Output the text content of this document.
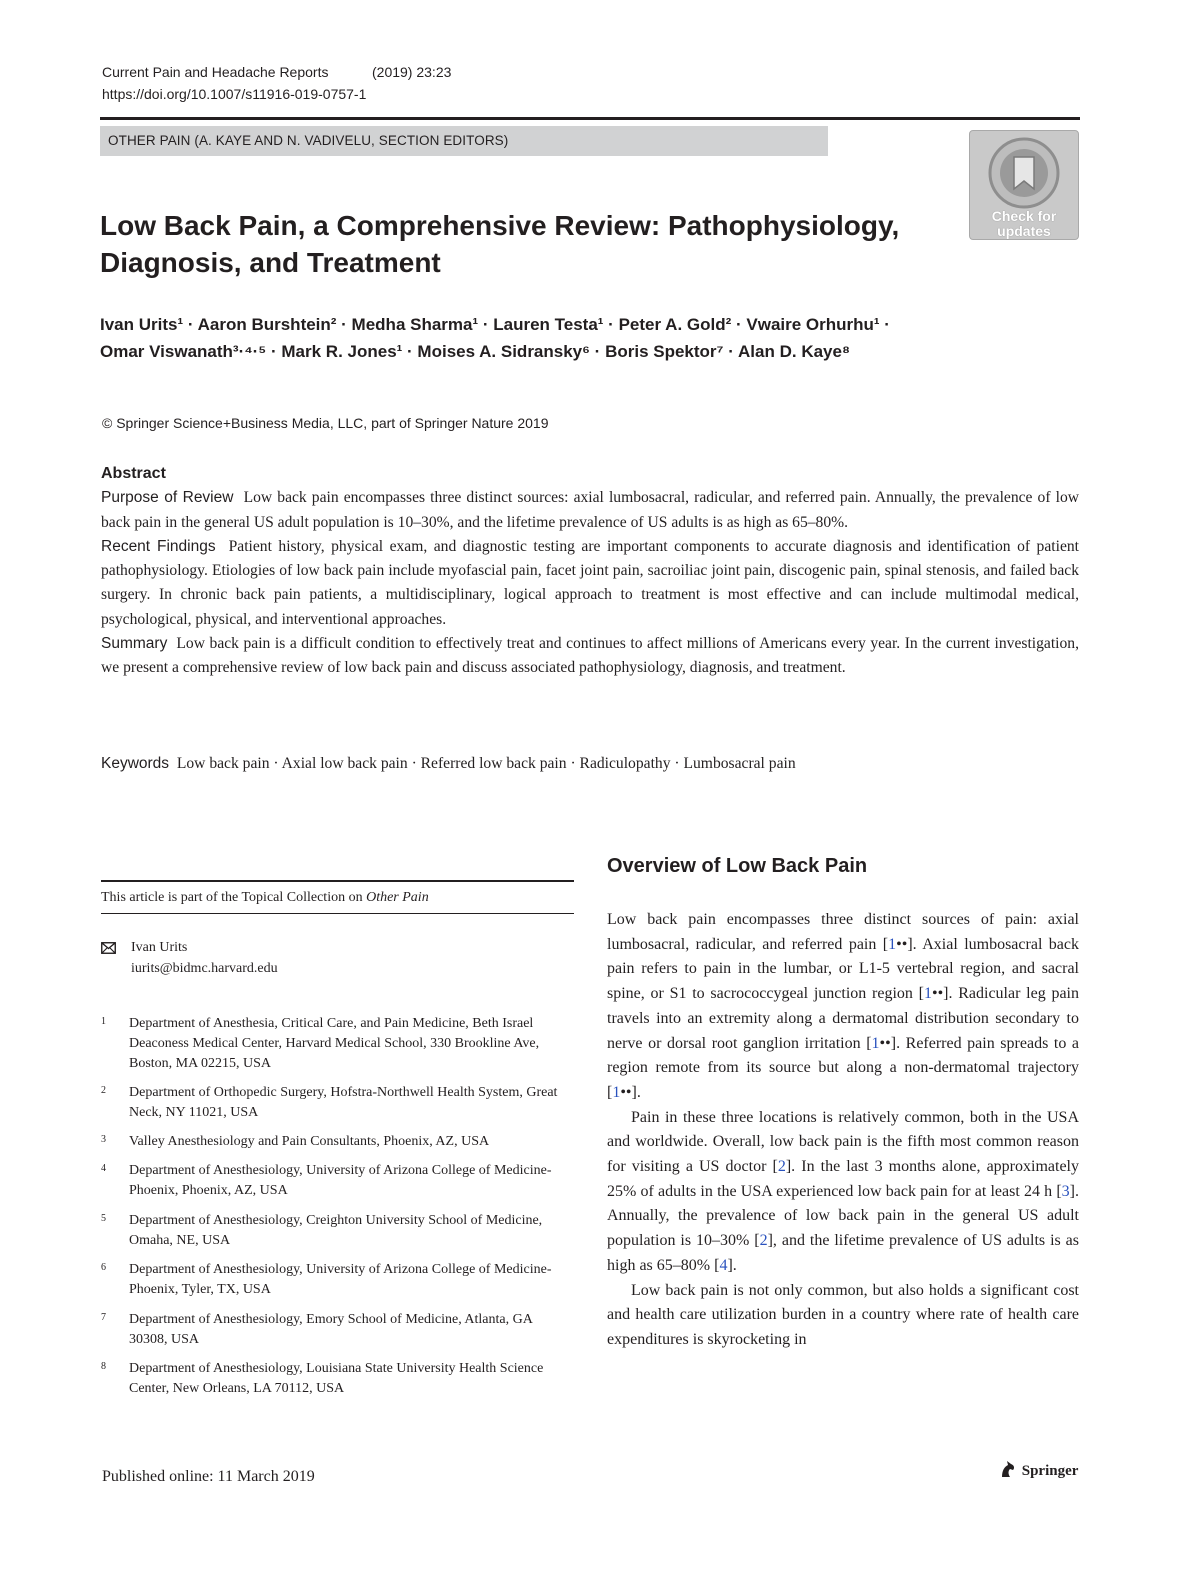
Current Pain and Headache Reports	(2019) 23:23
https://doi.org/10.1007/s11916-019-0757-1
OTHER PAIN (A. KAYE AND N. VADIVELU, SECTION EDITORS)
Check for
updates
Low Back Pain, a Comprehensive Review: Pathophysiology,
Diagnosis, and Treatment
Ivan Urits¹ · Aaron Burshtein² · Medha Sharma¹ · Lauren Testa¹ · Peter A. Gold² · Vwaire Orhurhu¹ ·
Omar Viswanath³·⁴·⁵ · Mark R. Jones¹ · Moises A. Sidransky⁶ · Boris Spektor⁷ · Alan D. Kaye⁸
© Springer Science+Business Media, LLC, part of Springer Nature 2019
Abstract

Purpose of Review Low back pain encompasses three distinct sources: axial lumbosacral, radicular, and referred pain. Annually, the prevalence of low back pain in the general US adult population is 10–30%, and the lifetime prevalence of US adults is as high as 65–80%.

Recent Findings Patient history, physical exam, and diagnostic testing are important components to accurate diagnosis and identification of patient pathophysiology. Etiologies of low back pain include myofascial pain, facet joint pain, sacroiliac joint pain, discogenic pain, spinal stenosis, and failed back surgery. In chronic back pain patients, a multidisciplinary, logical approach to treatment is most effective and can include multimodal medical, psychological, physical, and interventional approaches.

Summary Low back pain is a difficult condition to effectively treat and continues to affect millions of Americans every year. In the current investigation, we present a comprehensive review of low back pain and discuss associated pathophysiology, diagnosis, and treatment.

Keywords Low back pain · Axial low back pain · Referred low back pain · Radiculopathy · Lumbosacral pain
This article is part of the Topical Collection on Other Pain
Ivan Urits
iurits@bidmc.harvard.edu
1 Department of Anesthesia, Critical Care, and Pain Medicine, Beth Israel Deaconess Medical Center, Harvard Medical School, 330 Brookline Ave, Boston, MA 02215, USA
2 Department of Orthopedic Surgery, Hofstra-Northwell Health System, Great Neck, NY 11021, USA
3 Valley Anesthesiology and Pain Consultants, Phoenix, AZ, USA
4 Department of Anesthesiology, University of Arizona College of Medicine-Phoenix, Phoenix, AZ, USA
5 Department of Anesthesiology, Creighton University School of Medicine, Omaha, NE, USA
6 Department of Anesthesiology, University of Arizona College of Medicine-Phoenix, Tyler, TX, USA
7 Department of Anesthesiology, Emory School of Medicine, Atlanta, GA 30308, USA
8 Department of Anesthesiology, Louisiana State University Health Science Center, New Orleans, LA 70112, USA
Overview of Low Back Pain

Low back pain encompasses three distinct sources of pain: axial lumbosacral, radicular, and referred pain [1••]. Axial lumbosacral back pain refers to pain in the lumbar, or L1-5 vertebral region, and sacral spine, or S1 to sacrococcygeal junction region [1••]. Radicular leg pain travels into an extremity along a dermatomal distribution secondary to nerve or dorsal root ganglion irritation [1••]. Referred pain spreads to a region remote from its source but along a non-dermatomal trajectory [1••].

Pain in these three locations is relatively common, both in the USA and worldwide. Overall, low back pain is the fifth most common reason for visiting a US doctor [2]. In the last 3 months alone, approximately 25% of adults in the USA experienced low back pain for at least 24 h [3]. Annually, the prevalence of low back pain in the general US adult population is 10–30% [2], and the lifetime prevalence of US adults is as high as 65–80% [4].

Low back pain is not only common, but also holds a significant cost and health care utilization burden in a country where rate of health care expenditures is skyrocketing in

Published online: 11 March 2019	Springer
